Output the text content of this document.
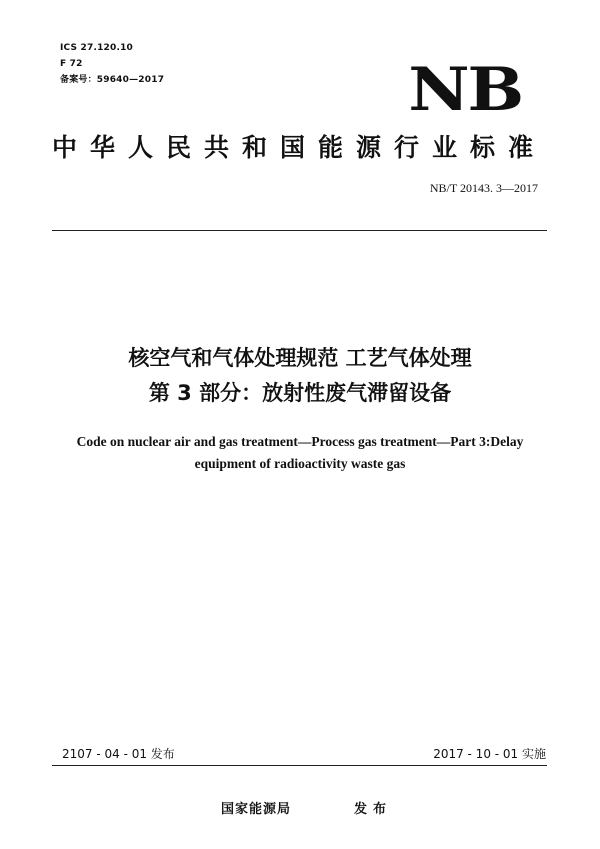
ICS 27.120.10
F 72
备案号：59640—2017	NB
中华人民共和国能源行业标准
NB/T 20143. 3—2017
核空气和气体处理规范 工艺气体处理
第 3 部分：放射性废气滞留设备
Code on nuclear air and gas treatment—Process gas treatment—Part 3:Delay
equipment of radioactivity waste gas
2107 - 04 - 01 发布	2017 - 10 - 01 实施
国家能源局	发布
